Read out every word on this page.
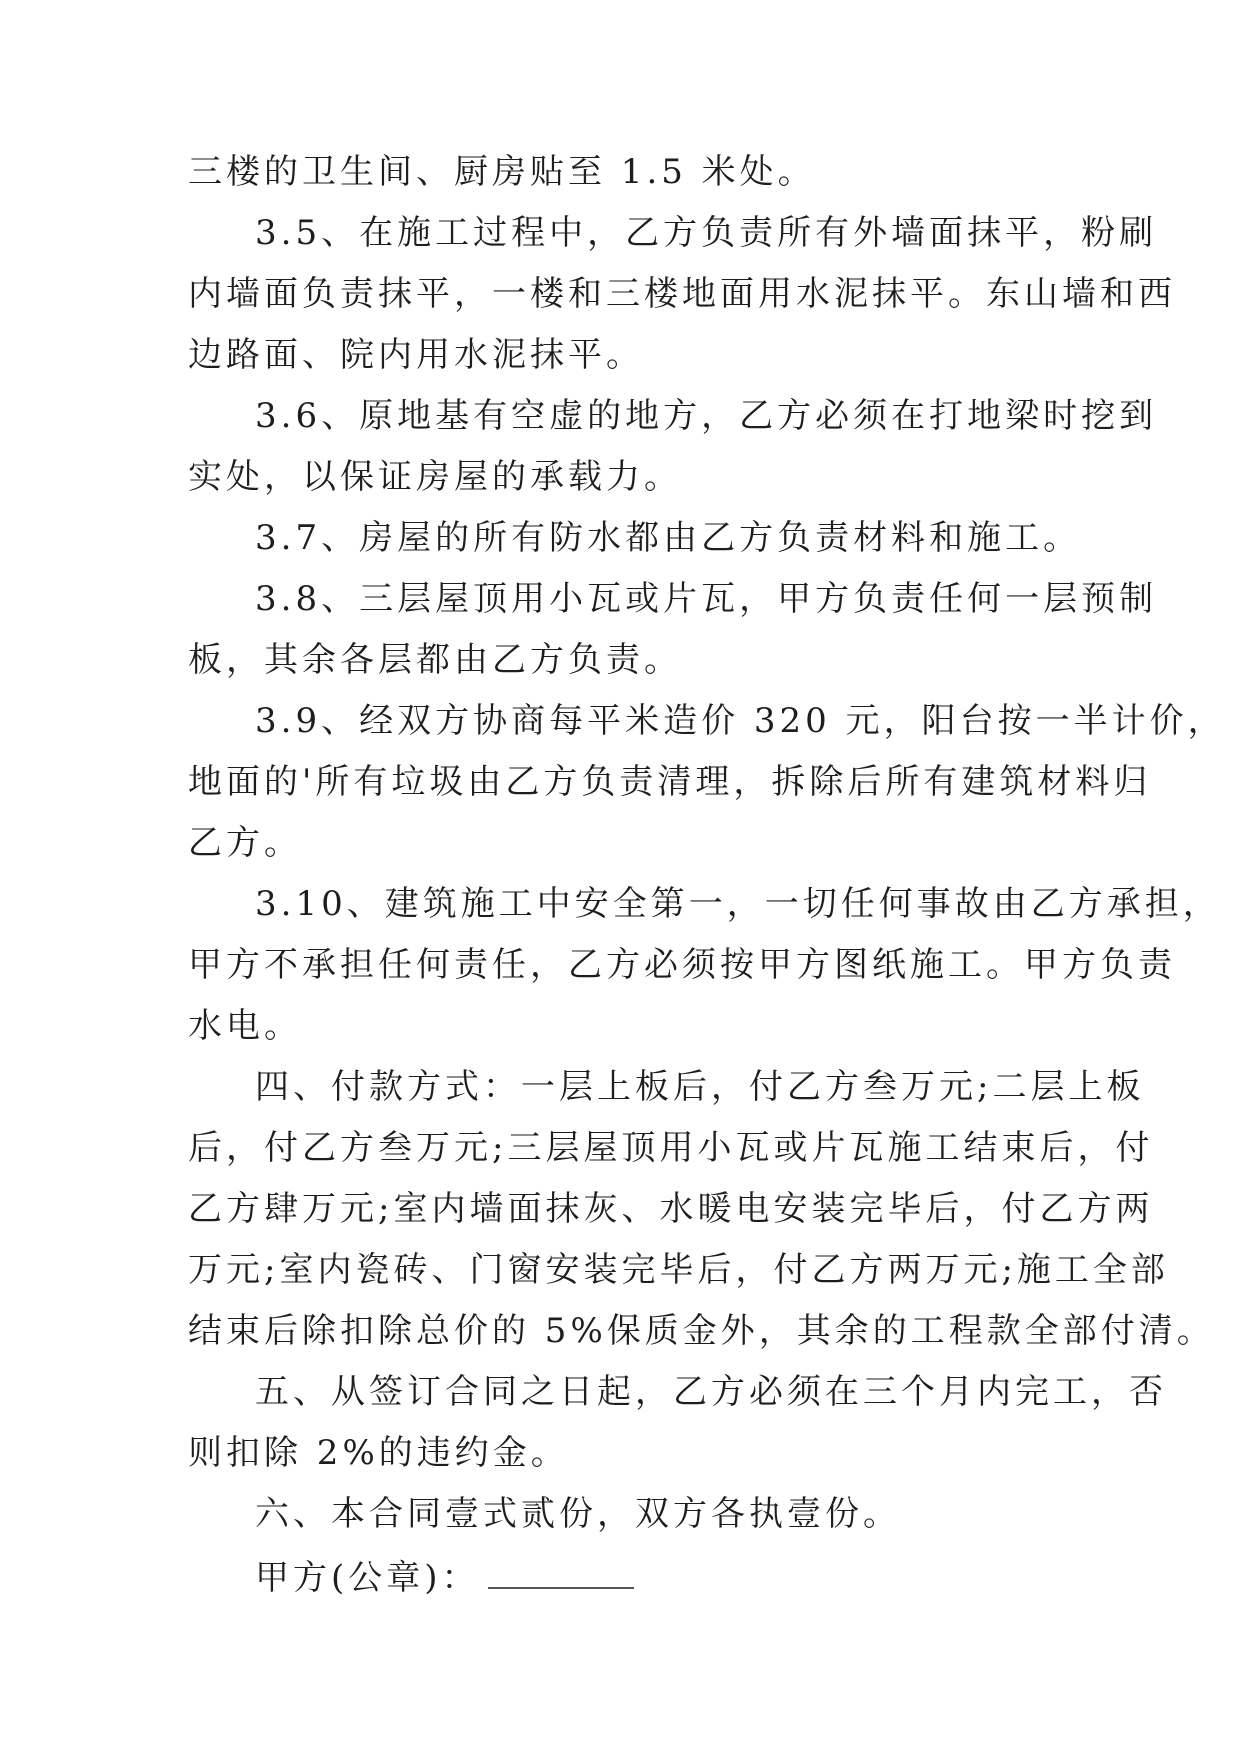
三楼的卫生间、厨房贴至 1.5 米处。

3.5、在施工过程中，乙方负责所有外墙面抹平，粉刷

内墙面负责抹平，一楼和三楼地面用水泥抹平。东山墙和西

边路面、院内用水泥抹平。

3.6、原地基有空虚的地方，乙方必须在打地梁时挖到

实处，以保证房屋的承载力。

3.7、房屋的所有防水都由乙方负责材料和施工。

3.8、三层屋顶用小瓦或片瓦，甲方负责任何一层预制

板，其余各层都由乙方负责。

3.9、经双方协商每平米造价 320 元，阳台按一半计价，

地面的'所有垃圾由乙方负责清理，拆除后所有建筑材料归

乙方。

3.10、建筑施工中安全第一，一切任何事故由乙方承担，

甲方不承担任何责任，乙方必须按甲方图纸施工。甲方负责

水电。

四、付款方式：一层上板后，付乙方叁万元;二层上板

后，付乙方叁万元;三层屋顶用小瓦或片瓦施工结束后，付

乙方肆万元;室内墙面抹灰、水暖电安装完毕后，付乙方两

万元;室内瓷砖、门窗安装完毕后，付乙方两万元;施工全部

结束后除扣除总价的 5%保质金外，其余的工程款全部付清。

五、从签订合同之日起，乙方必须在三个月内完工，否

则扣除 2%的违约金。

六、本合同壹式贰份，双方各执壹份。

甲方(公章)：
